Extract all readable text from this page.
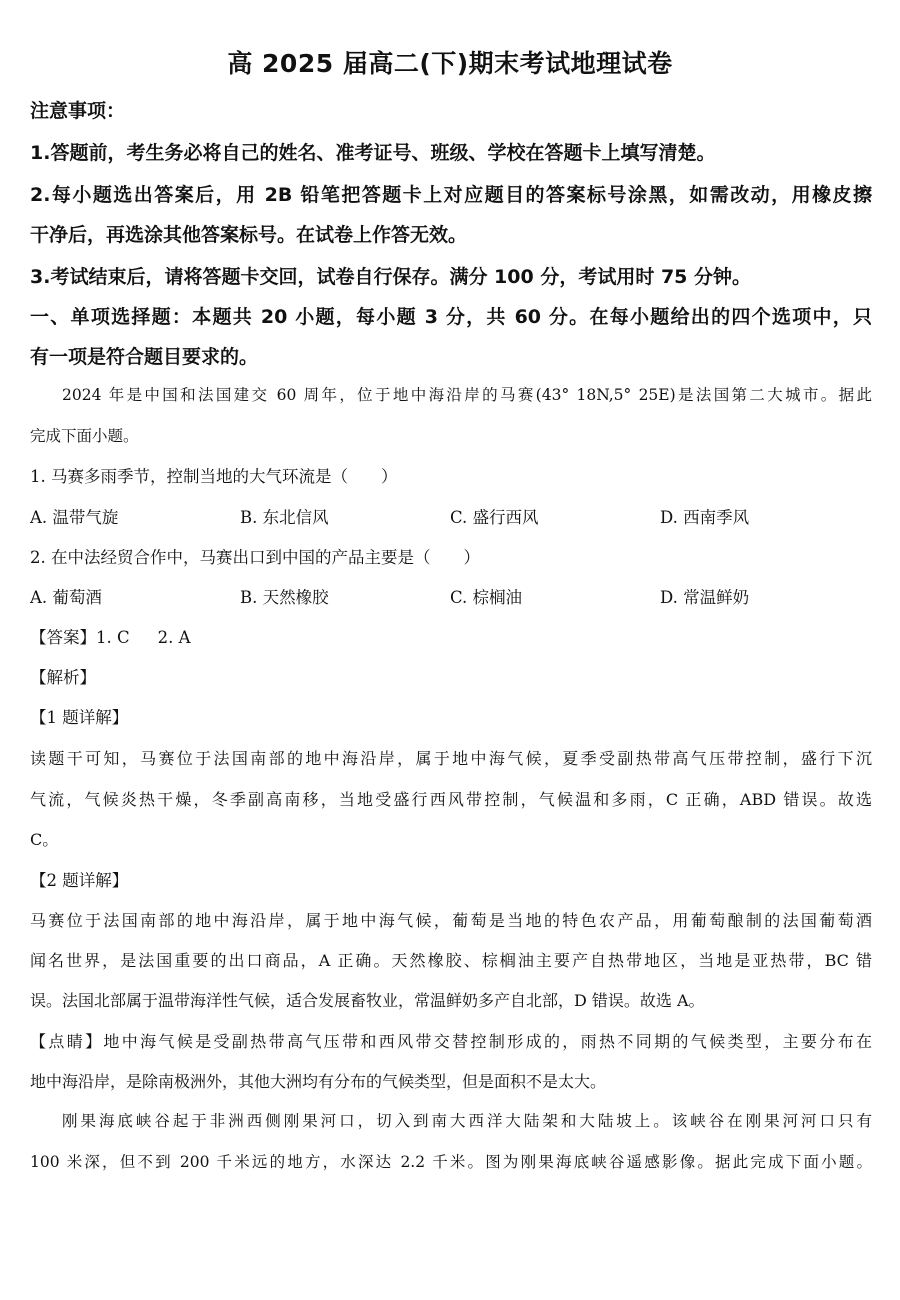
高 2025 届高二(下)期末考试地理试卷

注意事项：

1.答题前，考生务必将自己的姓名、准考证号、班级、学校在答题卡上填写清楚。

2.每小题选出答案后，用 2B 铅笔把答题卡上对应题目的答案标号涂黑，如需改动，用橡皮擦

干净后，再选涂其他答案标号。在试卷上作答无效。

3.考试结束后，请将答题卡交回，试卷自行保存。满分 100 分，考试用时 75 分钟。

一、单项选择题：本题共 20 小题，每小题 3 分，共 60 分。在每小题给出的四个选项中，只

有一项是符合题目要求的。

2024 年是中国和法国建交 60 周年，位于地中海沿岸的马赛(43° 18N,5° 25E)是法国第二大城市。据此

完成下面小题。

1. 马赛多雨季节，控制当地的大气环流是（　　）

A. 温带气旋	B. 东北信风	C. 盛行西风	D. 西南季风

2. 在中法经贸合作中，马赛出口到中国的产品主要是（　　）

A. 葡萄酒	B. 天然橡胶	C. 棕榈油	D. 常温鲜奶

【答案】1. C 2. A

【解析】

【1 题详解】

读题干可知，马赛位于法国南部的地中海沿岸，属于地中海气候，夏季受副热带高气压带控制，盛行下沉

气流，气候炎热干燥，冬季副高南移，当地受盛行西风带控制，气候温和多雨，C 正确，ABD 错误。故选

C。

【2 题详解】

马赛位于法国南部的地中海沿岸，属于地中海气候，葡萄是当地的特色农产品，用葡萄酿制的法国葡萄酒

闻名世界，是法国重要的出口商品，A 正确。天然橡胶、棕榈油主要产自热带地区，当地是亚热带，BC 错

误。法国北部属于温带海洋性气候，适合发展畜牧业，常温鲜奶多产自北部，D 错误。故选 A。

【点睛】地中海气候是受副热带高气压带和西风带交替控制形成的，雨热不同期的气候类型，主要分布在

地中海沿岸，是除南极洲外，其他大洲均有分布的气候类型，但是面积不是太大。

刚果海底峡谷起于非洲西侧刚果河口，切入到南大西洋大陆架和大陆坡上。该峡谷在刚果河河口只有

100 米深，但不到 200 千米远的地方，水深达 2.2 千米。图为刚果海底峡谷遥感影像。据此完成下面小题。
